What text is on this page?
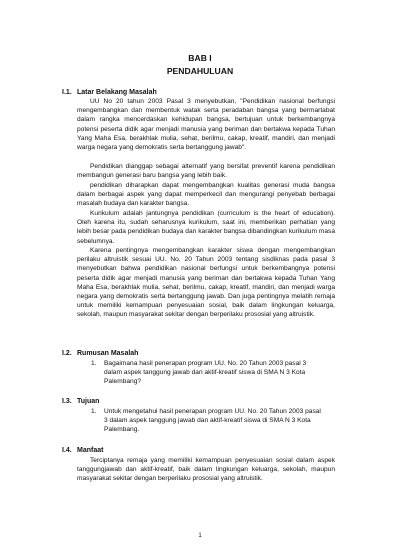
BAB I
PENDAHULUAN
I.1. Latar Belakang Masalah

UU No 20 tahun 2003 Pasal 3 menyebutkan, "Pendidikan nasional berfungsi mengembangkan dan membentuk watak serta peradaban bangsa yang bermartabat dalam rangka mencerdaskan kehidupan bangsa, bertujuan untuk berkembangnya potensi peserta didik agar menjadi manusia yang beriman dan bertakwa kepada Tuhan Yang Maha Esa, berakhlak mulia, sehat, berilmu, cakap, kreatif, mandiri, dan menjadi warga negara yang demokratis serta bertanggung jawab".

Pendidikan dianggap sebagai alternatif yang bersifat preventif karena pendidikan membangun generasi baru bangsa yang lebih baik.

pendidikan diharapkan dapat mengembangkan kualitas generasi muda bangsa dalam berbagai aspek yang dapat memperkecil dan mengurangi penyebab berbagai masalah budaya dan karakter bangsa.

Kurikulum adalah jantungnya pendidikan (curriculum is the heart of education). Oleh karena itu, sudah seharusnya kurikulum, saat ini, memberikan perhatian yang lebih besar pada pendidikan budaya dan karakter bangsa dibandingkan kurikulum masa sebelumnya.

Karena pentingnya mengembangkan karakter siswa dengan mengembangkan perilaku altruistik sesuai UU. No. 20 Tahun 2003 tentang sisdiknas pada pasal 3 menyebutkan bahwa pendidikan nasional berfungsi untuk berkembangnya potensi peserta didik agar menjadi manusia yang beriman dan bertakwa kepada Tuhan Yang Maha Esa, berakhlak mulia, sehat, berilmu, cakap, kreatif, mandiri, dan menjadi warga negara yang demokratis serta bertanggung jawab. Dan juga pentingnya melatih remaja untuk memiliki kemampuan penyesuaian sosial, baik dalam lingkungan keluarga, sekolah, maupun masyarakat sekitar dengan berperilaku prososial yang altruistik.

I.2. Rumusan Masalah
1.	Bagaimana hasil penerapan program UU. No. 20 Tahun 2003 pasal 3 dalam aspek tanggung jawab dan aktif-kreatif siswa di SMA N 3 Kota Palembang?
I.3. Tujuan
1.	Untuk mengetahui hasil penerapan program UU. No. 20 Tahun 2003 pasal 3 dalam aspek tanggung jawab dan aktif-kreatif siswa di SMA N 3 Kota Palembang.
I.4. Manfaat

Terciptanya remaja yang memiliki kemampuan penyesuaian sosial dalam aspek tanggungjawab dan aktif-kreatif, baik dalam lingkungan keluarga, sekolah, maupun masyarakat sekitar dengan berperilaku prososial yang altruistik.

1
